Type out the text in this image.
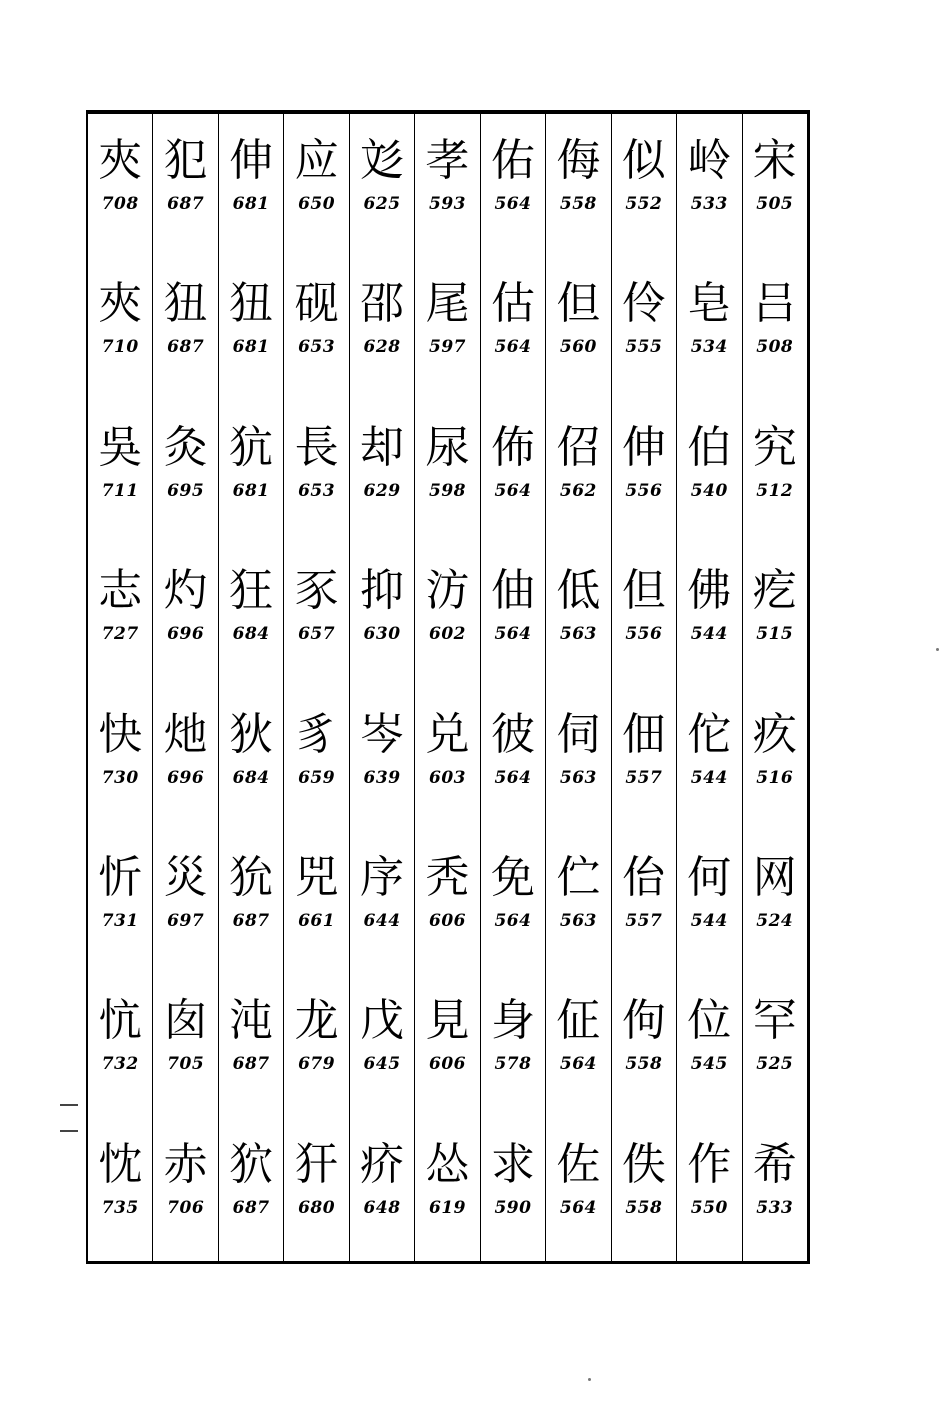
夾
708
夾
710
吳
711
志
727
快
730
忻
731
忼
732
忱
735
犯
687
狃
687
灸
695
灼
696
灺
696
災
697
囱
705
赤
706
伸
681
狃
681
犺
681
狂
684
狄
684
狁
687
沌
687
狖
687
应
650
砚
653
長
653
豕
657
豸
659
兕
661
龙
679
犴
680
彣
625
邵
628
却
629
抑
630
岑
639
序
644
戊
645
疥
648
孝
593
尾
597
尿
598
汸
602
兑
603
秃
606
見
606
怂
619
佑
564
估
564
佈
564
伷
564
彼
564
免
564
身
578
求
590
侮
558
但
560
佋
562
低
563
伺
563
伫
563
佂
564
佐
564
似
552
伶
555
伸
556
但
556
佃
557
佁
557
佝
558
佚
558
岭
533
皂
534
伯
540
佛
544
佗
544
何
544
位
545
作
550
宋
505
吕
508
究
512
疙
515
疚
516
网
524
罕
525
希
533
